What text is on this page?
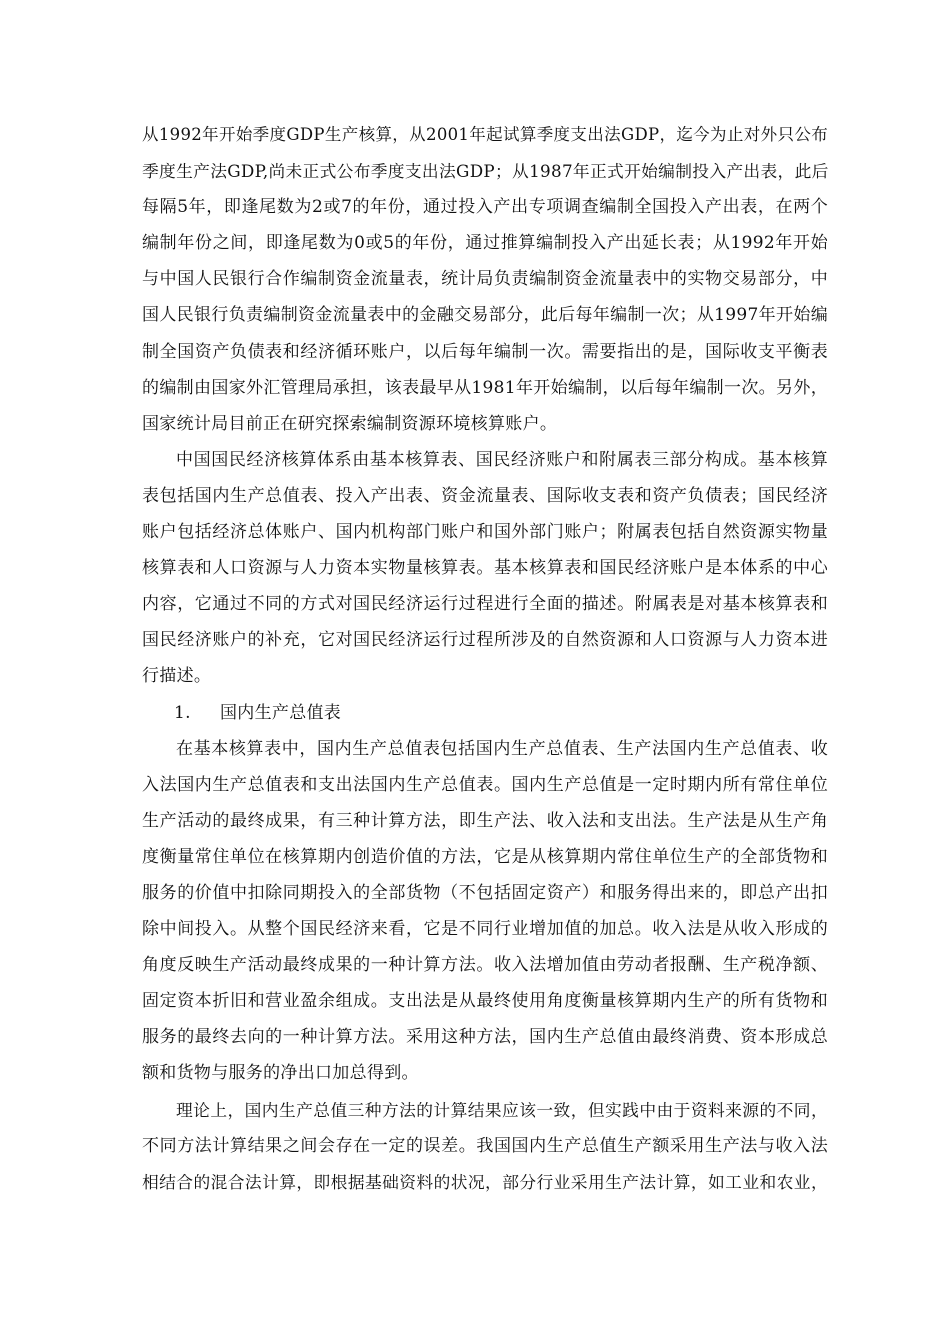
从1992年开始季度GDP生产核算，从2001年起试算季度支出法GDP，迄今为止对外只公布
季度生产法GDP,尚未正式公布季度支出法GDP；从1987年正式开始编制投入产出表，此后
每隔5年，即逢尾数为2或7的年份，通过投入产出专项调查编制全国投入产出表，在两个
编制年份之间，即逢尾数为0或5的年份，通过推算编制投入产出延长表；从1992年开始
与中国人民银行合作编制资金流量表，统计局负责编制资金流量表中的实物交易部分，中
国人民银行负责编制资金流量表中的金融交易部分，此后每年编制一次；从1997年开始编
制全国资产负债表和经济循环账户，以后每年编制一次。需要指出的是，国际收支平衡表
的编制由国家外汇管理局承担，该表最早从1981年开始编制，以后每年编制一次。另外，
国家统计局目前正在研究探索编制资源环境核算账户。
中国国民经济核算体系由基本核算表、国民经济账户和附属表三部分构成。基本核算
表包括国内生产总值表、投入产出表、资金流量表、国际收支表和资产负债表；国民经济
账户包括经济总体账户、国内机构部门账户和国外部门账户；附属表包括自然资源实物量
核算表和人口资源与人力资本实物量核算表。基本核算表和国民经济账户是本体系的中心
内容，它通过不同的方式对国民经济运行过程进行全面的描述。附属表是对基本核算表和
国民经济账户的补充，它对国民经济运行过程所涉及的自然资源和人口资源与人力资本进
行描述。
1. 国内生产总值表
在基本核算表中，国内生产总值表包括国内生产总值表、生产法国内生产总值表、收
入法国内生产总值表和支出法国内生产总值表。国内生产总值是一定时期内所有常住单位
生产活动的最终成果，有三种计算方法，即生产法、收入法和支出法。生产法是从生产角
度衡量常住单位在核算期内创造价值的方法，它是从核算期内常住单位生产的全部货物和
服务的价值中扣除同期投入的全部货物（不包括固定资产）和服务得出来的，即总产出扣
除中间投入。从整个国民经济来看，它是不同行业增加值的加总。收入法是从收入形成的
角度反映生产活动最终成果的一种计算方法。收入法增加值由劳动者报酬、生产税净额、
固定资本折旧和营业盈余组成。支出法是从最终使用角度衡量核算期内生产的所有货物和
服务的最终去向的一种计算方法。采用这种方法，国内生产总值由最终消费、资本形成总
额和货物与服务的净出口加总得到。
理论上，国内生产总值三种方法的计算结果应该一致，但实践中由于资料来源的不同，
不同方法计算结果之间会存在一定的误差。我国国内生产总值生产额采用生产法与收入法
相结合的混合法计算，即根据基础资料的状况，部分行业采用生产法计算，如工业和农业，
